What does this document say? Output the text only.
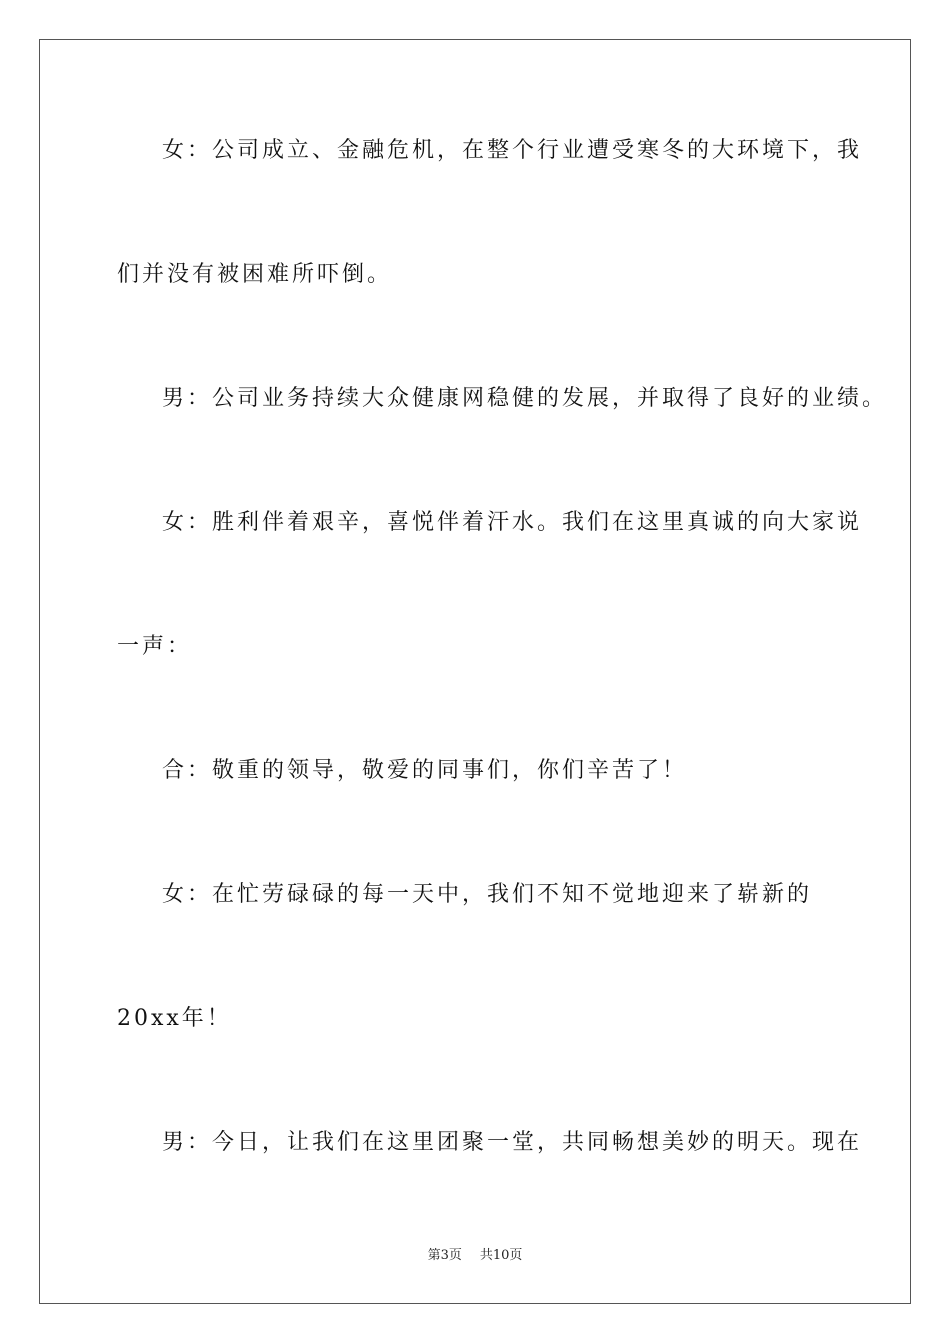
女：公司成立、金融危机，在整个行业遭受寒冬的大环境下，我
们并没有被困难所吓倒。
男：公司业务持续大众健康网稳健的发展，并取得了良好的业绩。
女：胜利伴着艰辛，喜悦伴着汗水。我们在这里真诚的向大家说
一声：
合：敬重的领导，敬爱的同事们，你们辛苦了！
女：在忙劳碌碌的每一天中，我们不知不觉地迎来了崭新的
20xx年！
男：今日，让我们在这里团聚一堂，共同畅想美妙的明天。现在
第3页 共10页
